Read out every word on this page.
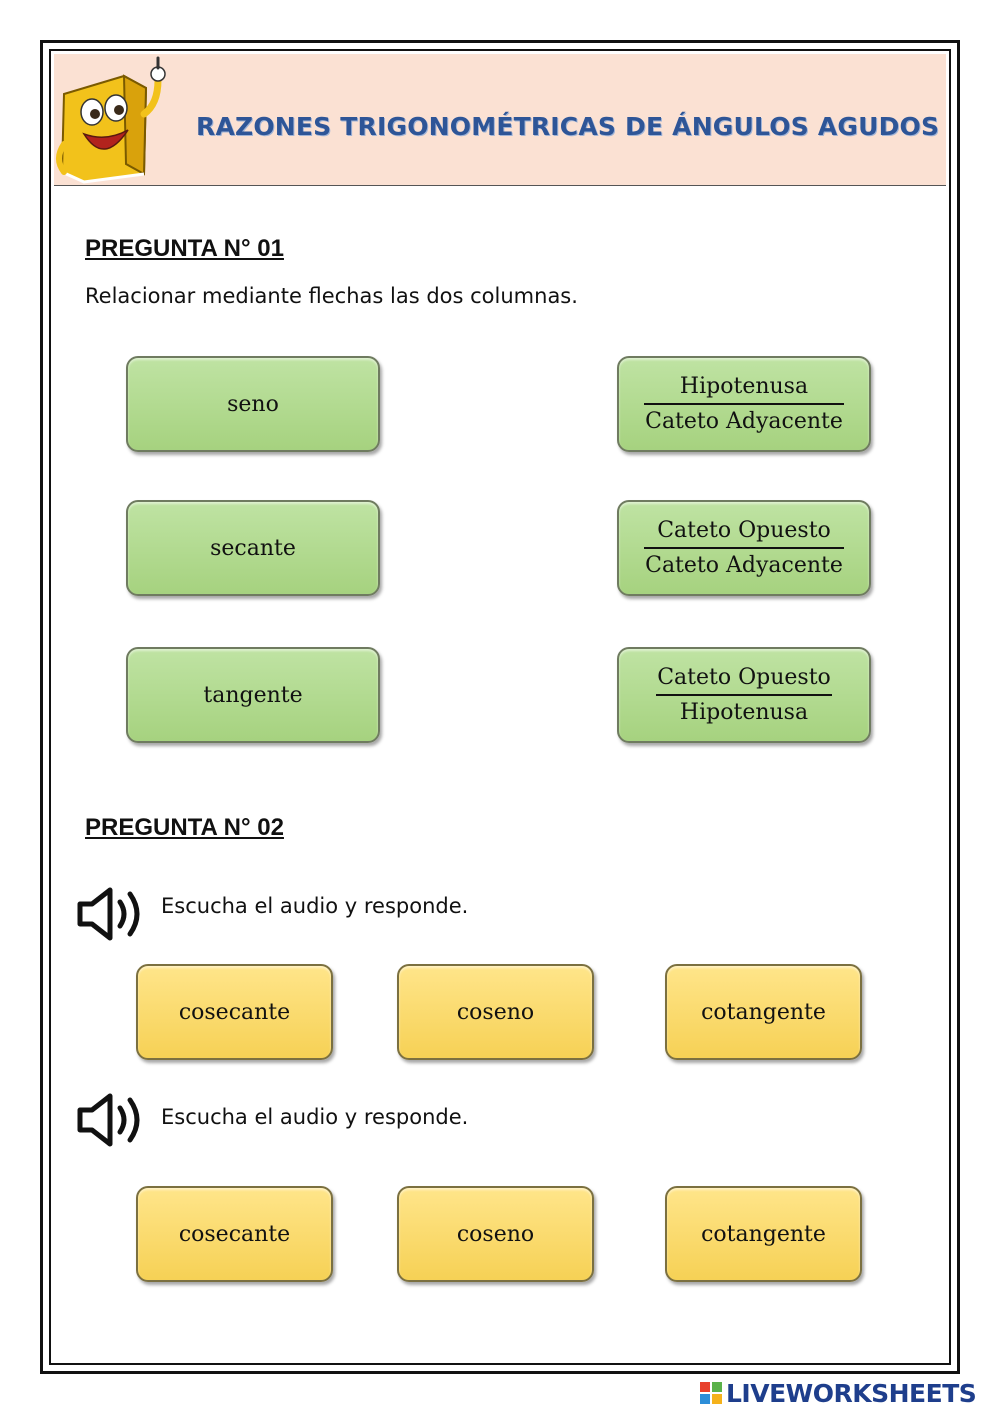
RAZONES TRIGONOMÉTRICAS DE ÁNGULOS AGUDOS
PREGUNTA N° 01
Relacionar mediante flechas las dos columnas.
seno
secante
tangente
$\frac{\text{Hipotenusa}}{\text{Cateto Adyacente}}$
$\frac{\text{Cateto Opuesto}}{\text{Cateto Adyacente}}$
$\frac{\text{Cateto Opuesto}}{\text{Hipotenusa}}$
PREGUNTA N° 02
Escucha el audio y responde.
cosecante	coseno	cotangente
Escucha el audio y responde.
cosecante	coseno	cotangente
LIVEWORKSHEETS
